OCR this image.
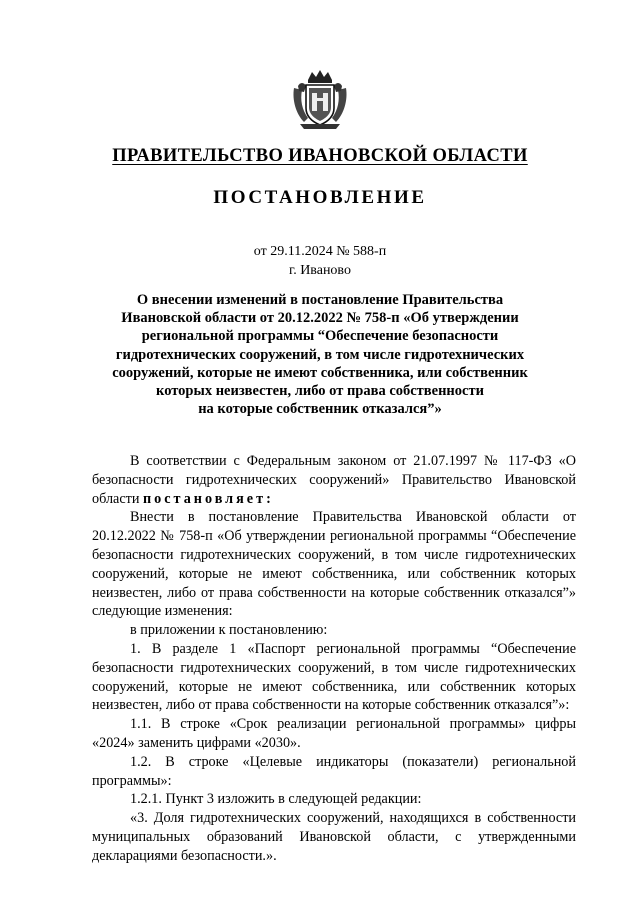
ПРАВИТЕЛЬСТВО ИВАНОВСКОЙ ОБЛАСТИ
ПОСТАНОВЛЕНИЕ
от 29.11.2024 № 588-п
г. Иваново
О внесении изменений в постановление Правительства
Ивановской области от 20.12.2022 № 758-п «Об утверждении
региональной программы “Обеспечение безопасности
гидротехнических сооружений, в том числе гидротехнических
сооружений, которые не имеют собственника, или собственник
которых неизвестен, либо от права собственности
на которые собственник отказался”»

В соответствии с Федеральным законом от 21.07.1997 № 117-ФЗ «О безопасности гидротехнических сооружений» Правительство Ивановской области постановляет:

Внести в постановление Правительства Ивановской области от 20.12.2022 № 758-п «Об утверждении региональной программы “Обеспечение безопасности гидротехнических сооружений, в том числе гидротехнических сооружений, которые не имеют собственника, или собственник которых неизвестен, либо от права собственности на которые собственник отказался”» следующие изменения:

в приложении к постановлению:

1. В разделе 1 «Паспорт региональной программы “Обеспечение безопасности гидротехнических сооружений, в том числе гидротехнических сооружений, которые не имеют собственника, или собственник которых неизвестен, либо от права собственности на которые собственник отказался”»:

1.1. В строке «Срок реализации региональной программы» цифры «2024» заменить цифрами «2030».

1.2. В строке «Целевые индикаторы (показатели) региональной программы»:

1.2.1. Пункт 3 изложить в следующей редакции:

«3. Доля гидротехнических сооружений, находящихся в собственности муниципальных образований Ивановской области, с утвержденными декларациями безопасности.».
